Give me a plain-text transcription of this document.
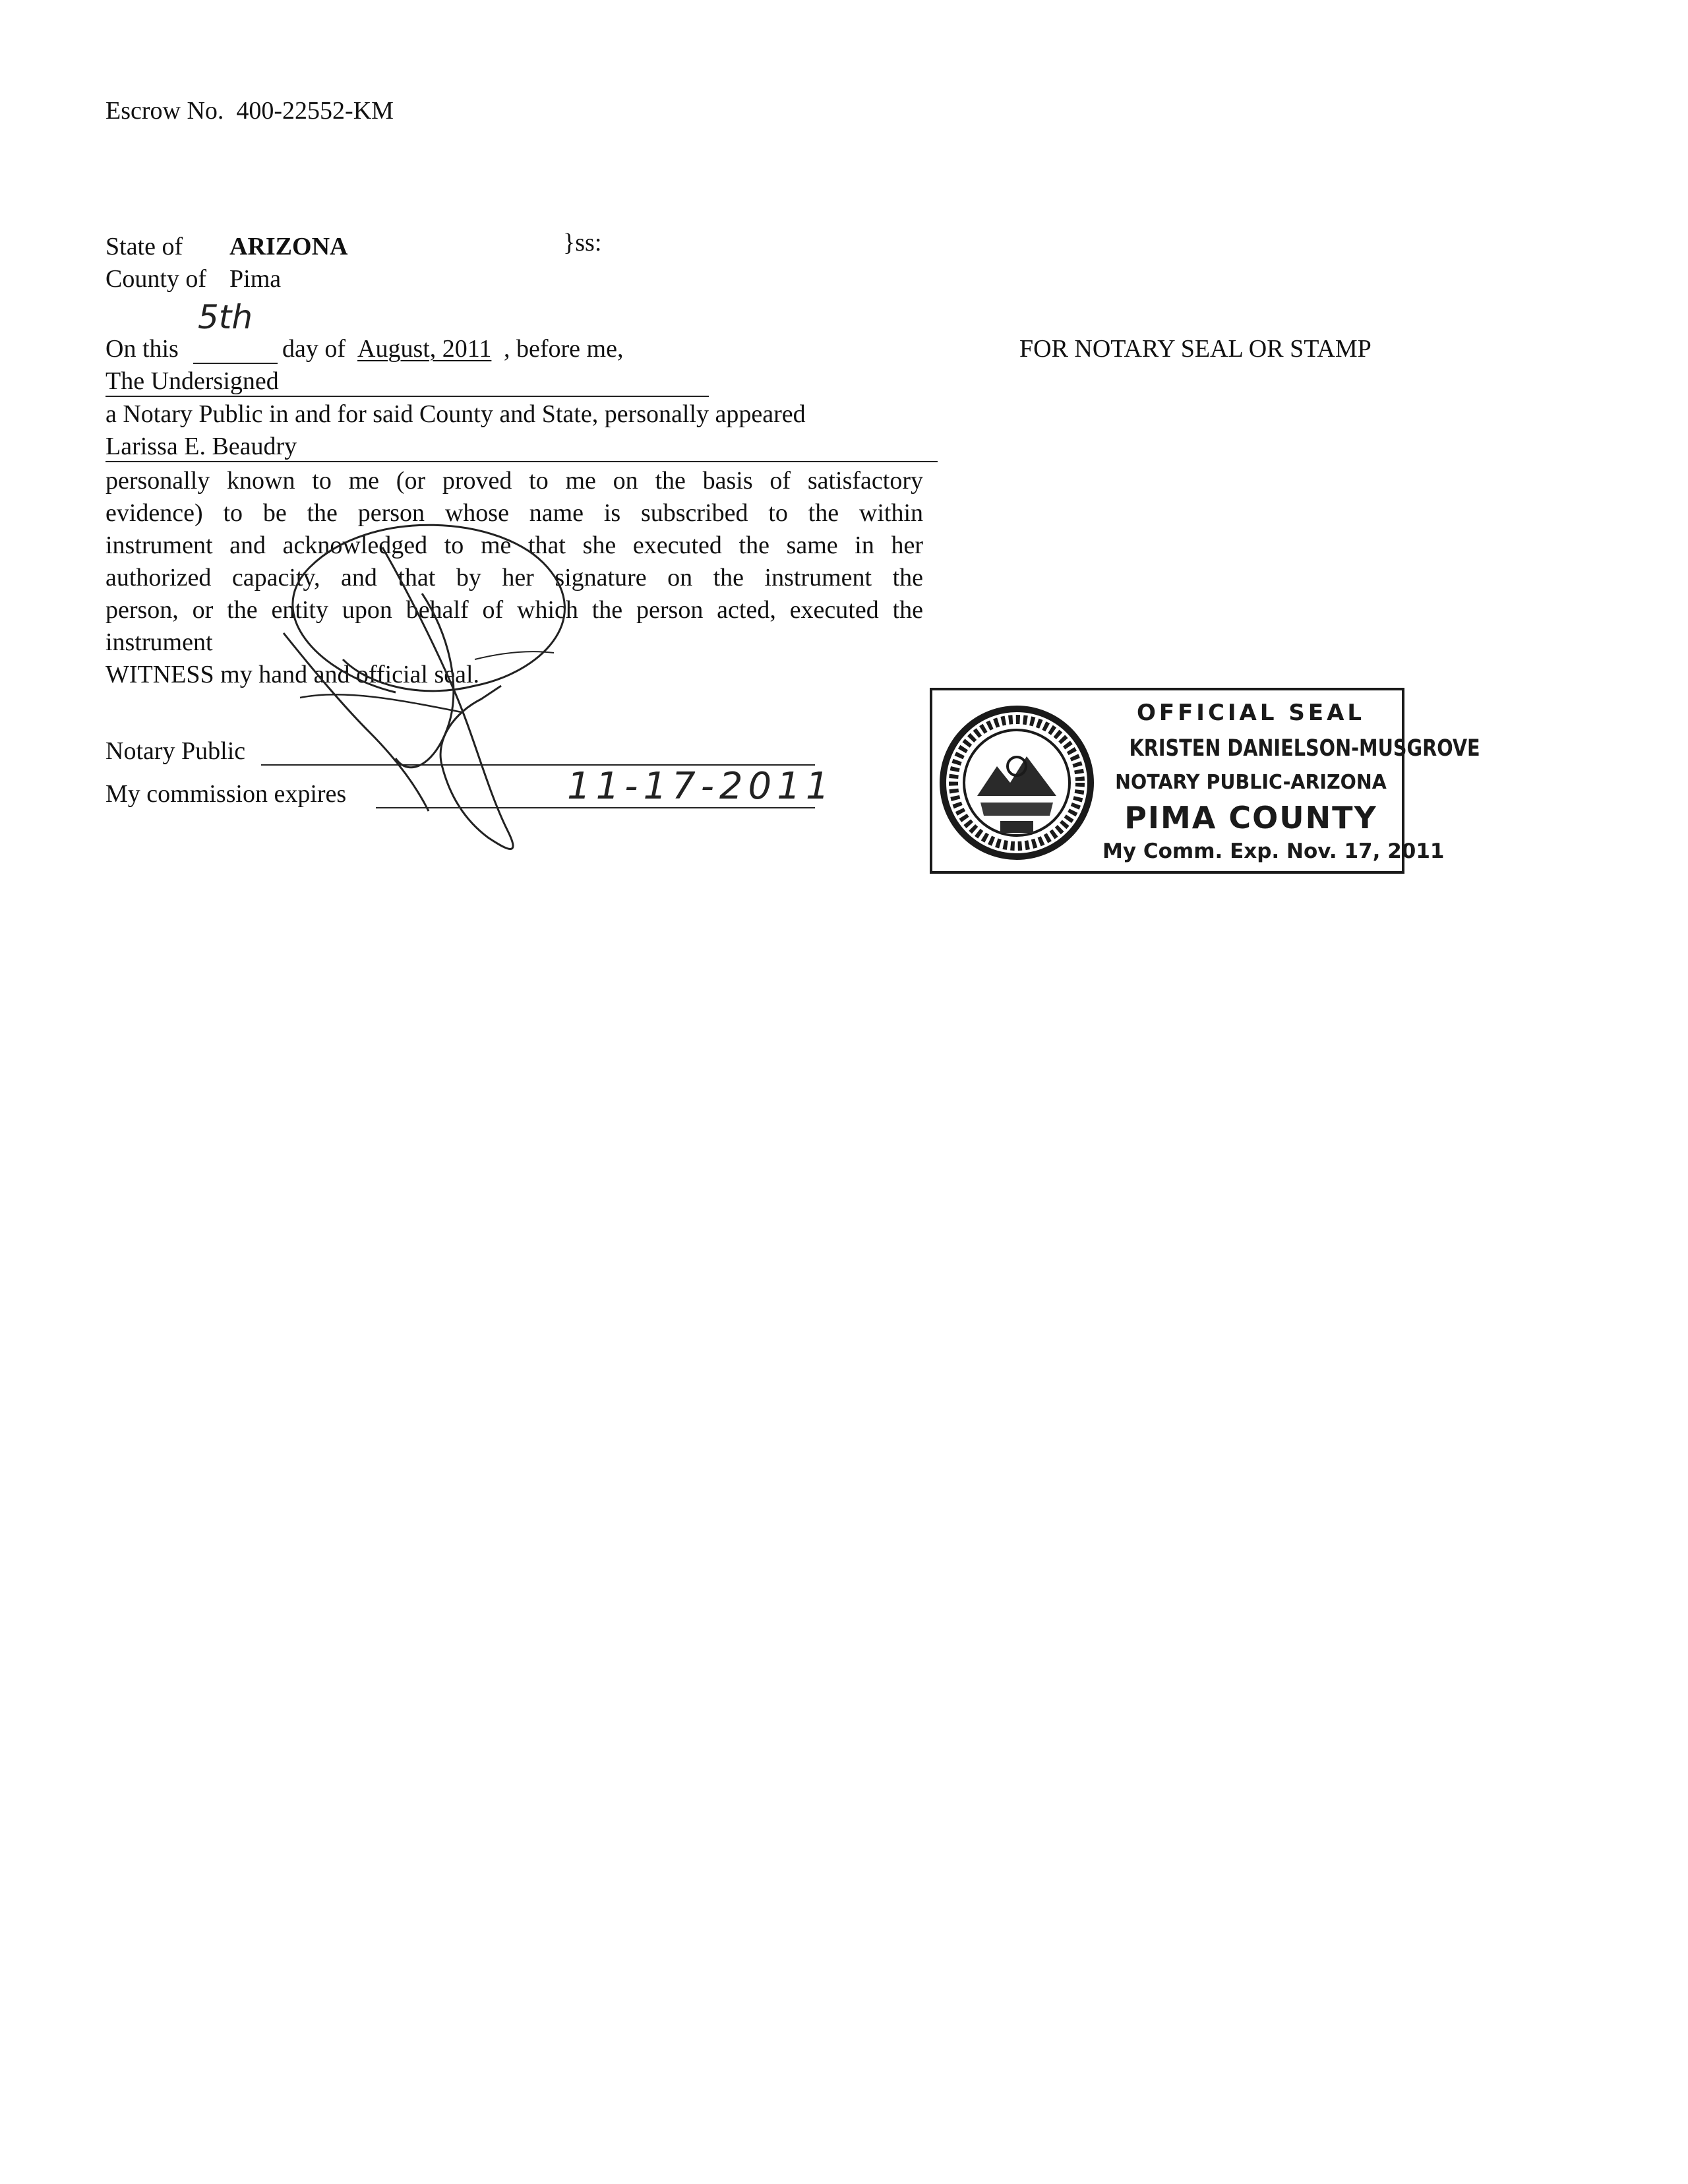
Escrow No. 400-22552-KM
State of ARIZONA	}ss:
County of Pima
On this
5th
day of August, 2011 , before me,	FOR NOTARY SEAL OR STAMP
The Undersigned
a Notary Public in and for said County and State, personally appeared
Larissa E. Beaudry
personally known to me (or proved to me on the basis of satisfactory
evidence) to be the person whose name is subscribed to the within
instrument and acknowledged to me that she executed the same in her
authorized capacity, and that by her signature on the instrument the
person, or the entity upon behalf of which the person acted, executed the
instrument
WITNESS my hand and official seal.
Notary Public
My commission expires	11-17-2011
OFFICIAL SEAL
KRISTEN DANIELSON-MUSGROVE
NOTARY PUBLIC-ARIZONA
PIMA COUNTY
My Comm. Exp. Nov. 17, 2011
